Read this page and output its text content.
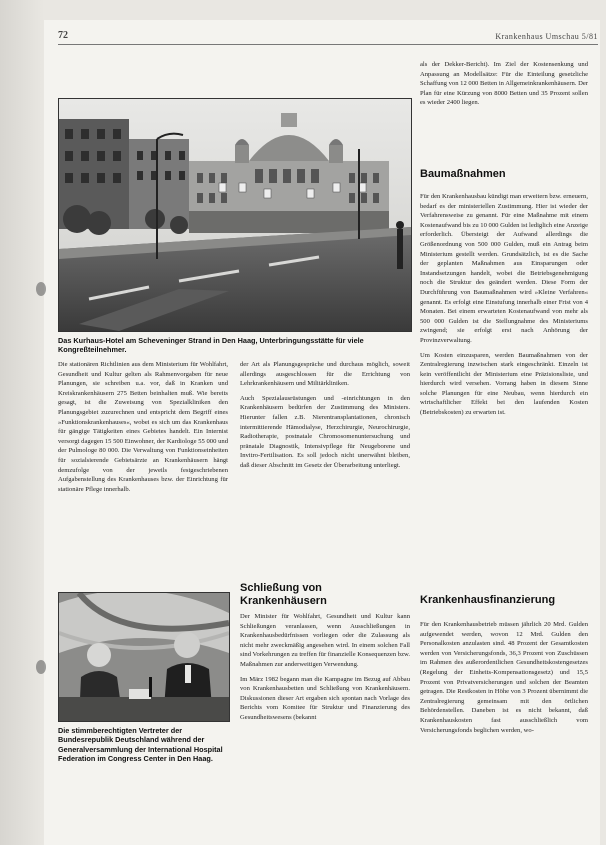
72	Krankenhaus Umschau 5/81
Das Kurhaus-Hotel am Scheveninger Strand in Den Haag, Unterbringungsstätte für viele Kongreßteilnehmer.

Die stationären Richtlinien aus dem Ministerium für Wohlfahrt, Gesundheit und Kultur gelten als Rahmenvorgaben für neue Planungen, sie schreiben u.a. vor, daß in Kranken und Kreiskrankenhäusern 275 Betten beinhalten muß. Wie bereits gesagt, ist die Zuweisung von Spezialkliniken den Planungsgebiet zuzurechnen und entspricht dem Begriff eines »Funktionskrankenhauses«, wobei es sich um das Krankenhaus für gängige Tätigkeiten eines Gebietes handelt. Ein Internist versorgt dagegen 15 500 Einwohner, der Kardiologe 55 000 und der Pulmologe 80 000. Die Verwaltung von Funktionseinheiten für sozialsierende Gebietsärzte an Krankenhäusern hängt demzufolge von der jeweils festgeschriebenen Aufgabenstellung des Krankenhauses bzw. der Einrichtung für stationäre Pflege innerhalb.

der Art als Planungsgespräche und durchaus möglich, soweit allerdings ausgeschlossen für die Errichtung von Lehrkrankenhäusern und Militärkliniken.

Auch Spezialausrüstungen und -einrichtungen in den Krankenhäusern bedürfen der Zustimmung des Ministers. Hierunter fallen z.B. Nierentransplantationen, chronisch intermittierende Hämodialyse, Herzchirurgie, Neurochirurgie, Radiotherapie, postnatale Chromosomenuntersuchung und pränatale Diagnostik, Intensivpflege für Neugeborene und Invitro-Fertilisation. Es soll jedoch nicht unerwähnt bleiben, daß dieser Abschnitt im Gesetz der Überarbeitung unterliegt.

Die stimmberechtigten Vertreter der Bundesrepublik Deutschland während der Generalversammlung der International Hospital Federation im Congress Center in Den Haag.
Schließung von Krankenhäusern

Der Minister für Wohlfahrt, Gesundheit und Kultur kann Schließungen veranlassen, wenn Ausschließungen in Krankenhausbedürfnissen vorliegen oder die Zulassung als nicht mehr zweckmäßig angesehen wird. In einem solchen Fall sind Vorkehrungen zu treffen für finanzielle Konsequenzen bzw. Maßnahmen zur anderweitigen Verwendung.

Im März 1982 begann man die Kampagne im Bezug auf Abbau von Krankenhausbetten und Schließung von Krankenhäusern. Diskussionen dieser Art ergaben sich spontan nach Vorlage des Berichts vom Komitee für Struktur und Finanzierung des Gesundheitswesens (bekannt

als der Dekker-Bericht). Im Ziel der Kostensenkung und Anpassung an Modellsätze: Für die Einteilung gesetzliche Schaffung von 12 000 Betten in Allgemeinkrankenhäusern. Der Plan für eine Kürzung von 8000 Betten und 35 Prozent sollen es wieder 2400 liegen.

Baumaßnahmen

Für den Krankenhausbau kündigt man erweitern bzw. erneuern, bedarf es der ministeriellen Zustimmung. Hier ist wieder der Verfahrensweise zu genannt. Für eine Maßnahme mit einem Kostenaufwand bis zu 10 000 Gulden ist lediglich eine Anzeige erforderlich. Übersteigt der Aufwand allerdings die Größenordnung von 500 000 Gulden, muß ein Antrag beim Ministerium gestellt werden. Grundsätzlich, ist es die Sache der geplanten Maßnahmen aus Einsparungen oder Instandsetzungen handelt, wobei die Betriebsgenehmigung noch die Struktur des geändert werden. Diese Form der Durchführung von Baumaßnahmen wird »Kleine Verfahren« genannt. Es erfolgt eine Einstufung innerhalb einer Frist von 4 Monaten. Bei einem erwarteten Kostenaufwand von mehr als 500 000 Gulden ist die Stellungnahme des Ministeriums zwingend; sie erfolgt erst nach Anhörung der Provinzverwaltung.

Um Kosten einzusparen, werden Baumaßnahmen von der Zentralregierung inzwischen stark eingeschränkt. Einzeln ist kein veröffentlicht der Ministerium eine Präzisionsliste, und hierdurch wird versehen. Vorrang haben in diesem Sinne solche Planungen für eine Neubau, wenn hierdurch ein wirtschaftlicher Effekt bei den laufenden Kosten (Betriebskosten) zu erwarten ist.

Krankenhausfinanzierung

Für den Krankenhausbetrieb müssen jährlich 20 Mrd. Gulden aufgewendet werden, wovon 12 Mrd. Gulden den Personalkosten anzulasten sind. 48 Prozent der Gesamtkosten werden von Versicherungsfonds, 36,3 Prozent von Zuschüssen im Rahmen des außerordentlichen Gesundheitskostengesetzes (Regelung der Einheits-Kompensationsgesetz) und 15,5 Prozent von Privatversicherungen und solchen der Beamten getragen. Die Restkosten in Höhe von 3 Prozent übernimmt die Zentralregierung gemeinsam mit den örtlichen Behördenstellen. Daneben ist es nicht bekannt, daß Krankenhauskosten fast ausschließlich vom Versicherungsfonds beglichen werden, wo-
